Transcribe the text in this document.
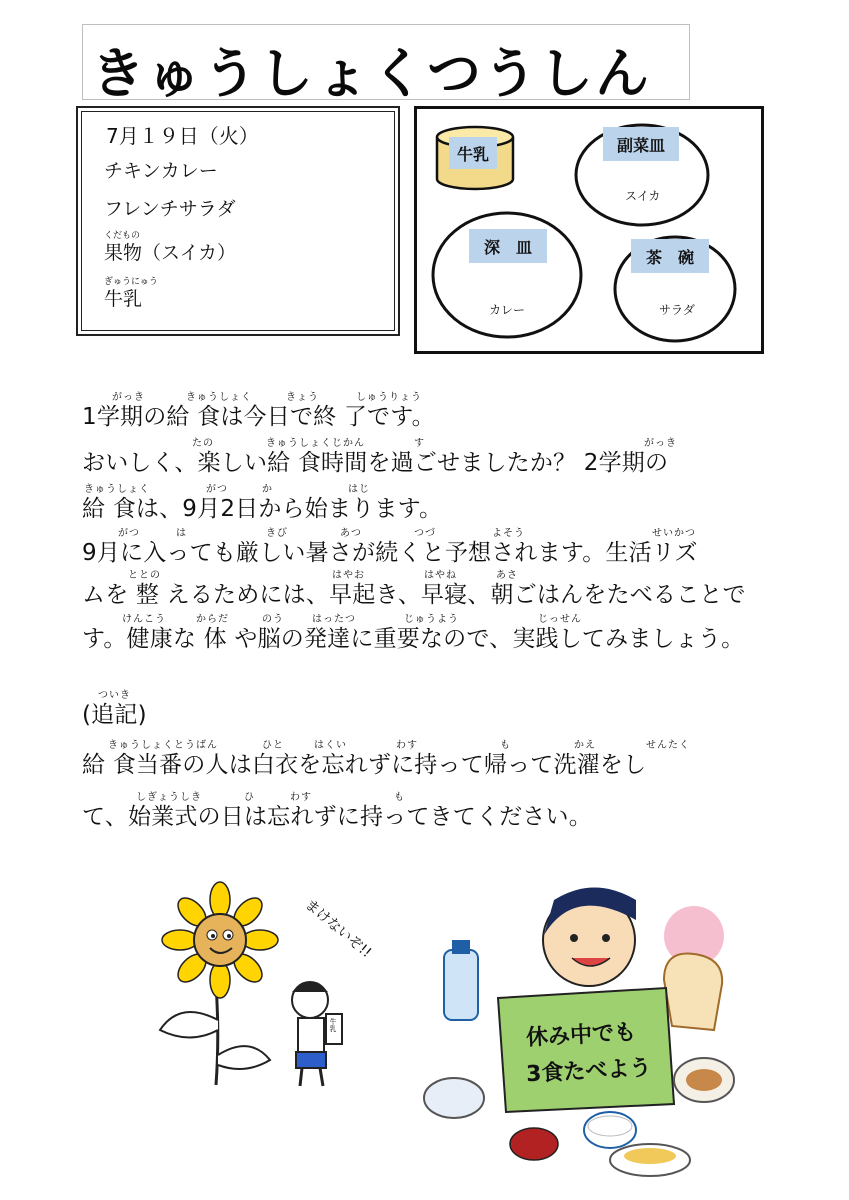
きゅうしょくつうしん
7月１９日（火）
チキンカレー
フレンチサラダ
くだもの
果物（スイカ）
ぎゅうにゅう
牛乳
牛乳	副菜皿
スイカ
深　皿
カレー
茶　碗
サラダ
がっき	きゅうしょく	きょう	しゅうりょう
1学期の給 食は今日で終 了です。
たの	きゅうしょくじかん	す	がっき
おいしく、楽しい給 食時間を過ごせましたか？ 2学期の
きゅうしょく	がつ	か	はじ
給 食は、9月2日から始まります。
がつ	は	きび	あつ	つづ	よそう	せいかつ
9月に入っても厳しい暑さが続くと予想されます。生活リズ
ととの	はやお	はやね	あさ
ムを 整 えるためには、早起き、早寝、朝ごはんをたべることで
けんこう	からだ	のう	はったつ	じゅうよう	じっせん
す。健康な 体 や脳の発達に重要なので、実践してみましょう。
ついき
(追記)
きゅうしょくとうばん	ひと	はくい	わす	も	かえ	せんたく
給 食当番の人は白衣を忘れずに持って帰って洗濯をし
しぎょうしき	ひ	わす	も
て、始業式の日は忘れずに持ってきてください。
まけないぞ!!
牛乳	休み中でも
3食たべよう
